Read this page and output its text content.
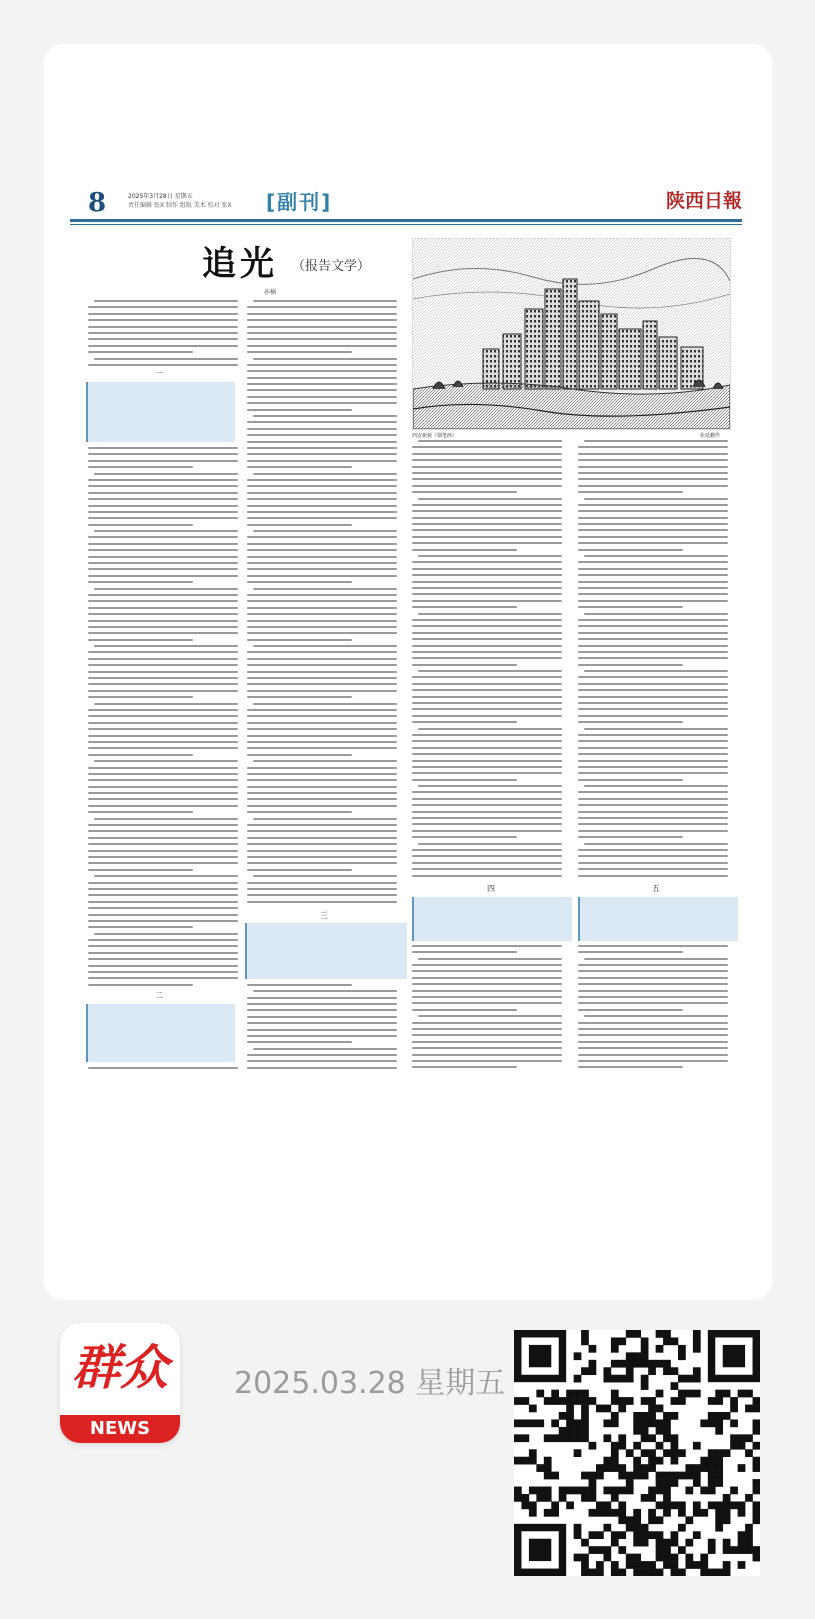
8	2025年3月28日 星期五
责任编辑 张X 制作 组版 美术 校对 张X [副刊]	陕西日報
追光 （报告文学）
孙楠
西安新貌（钢笔画）	张延鹏作
一
二
三
四	五
群众
NEWS
2025.03.28 星期五
